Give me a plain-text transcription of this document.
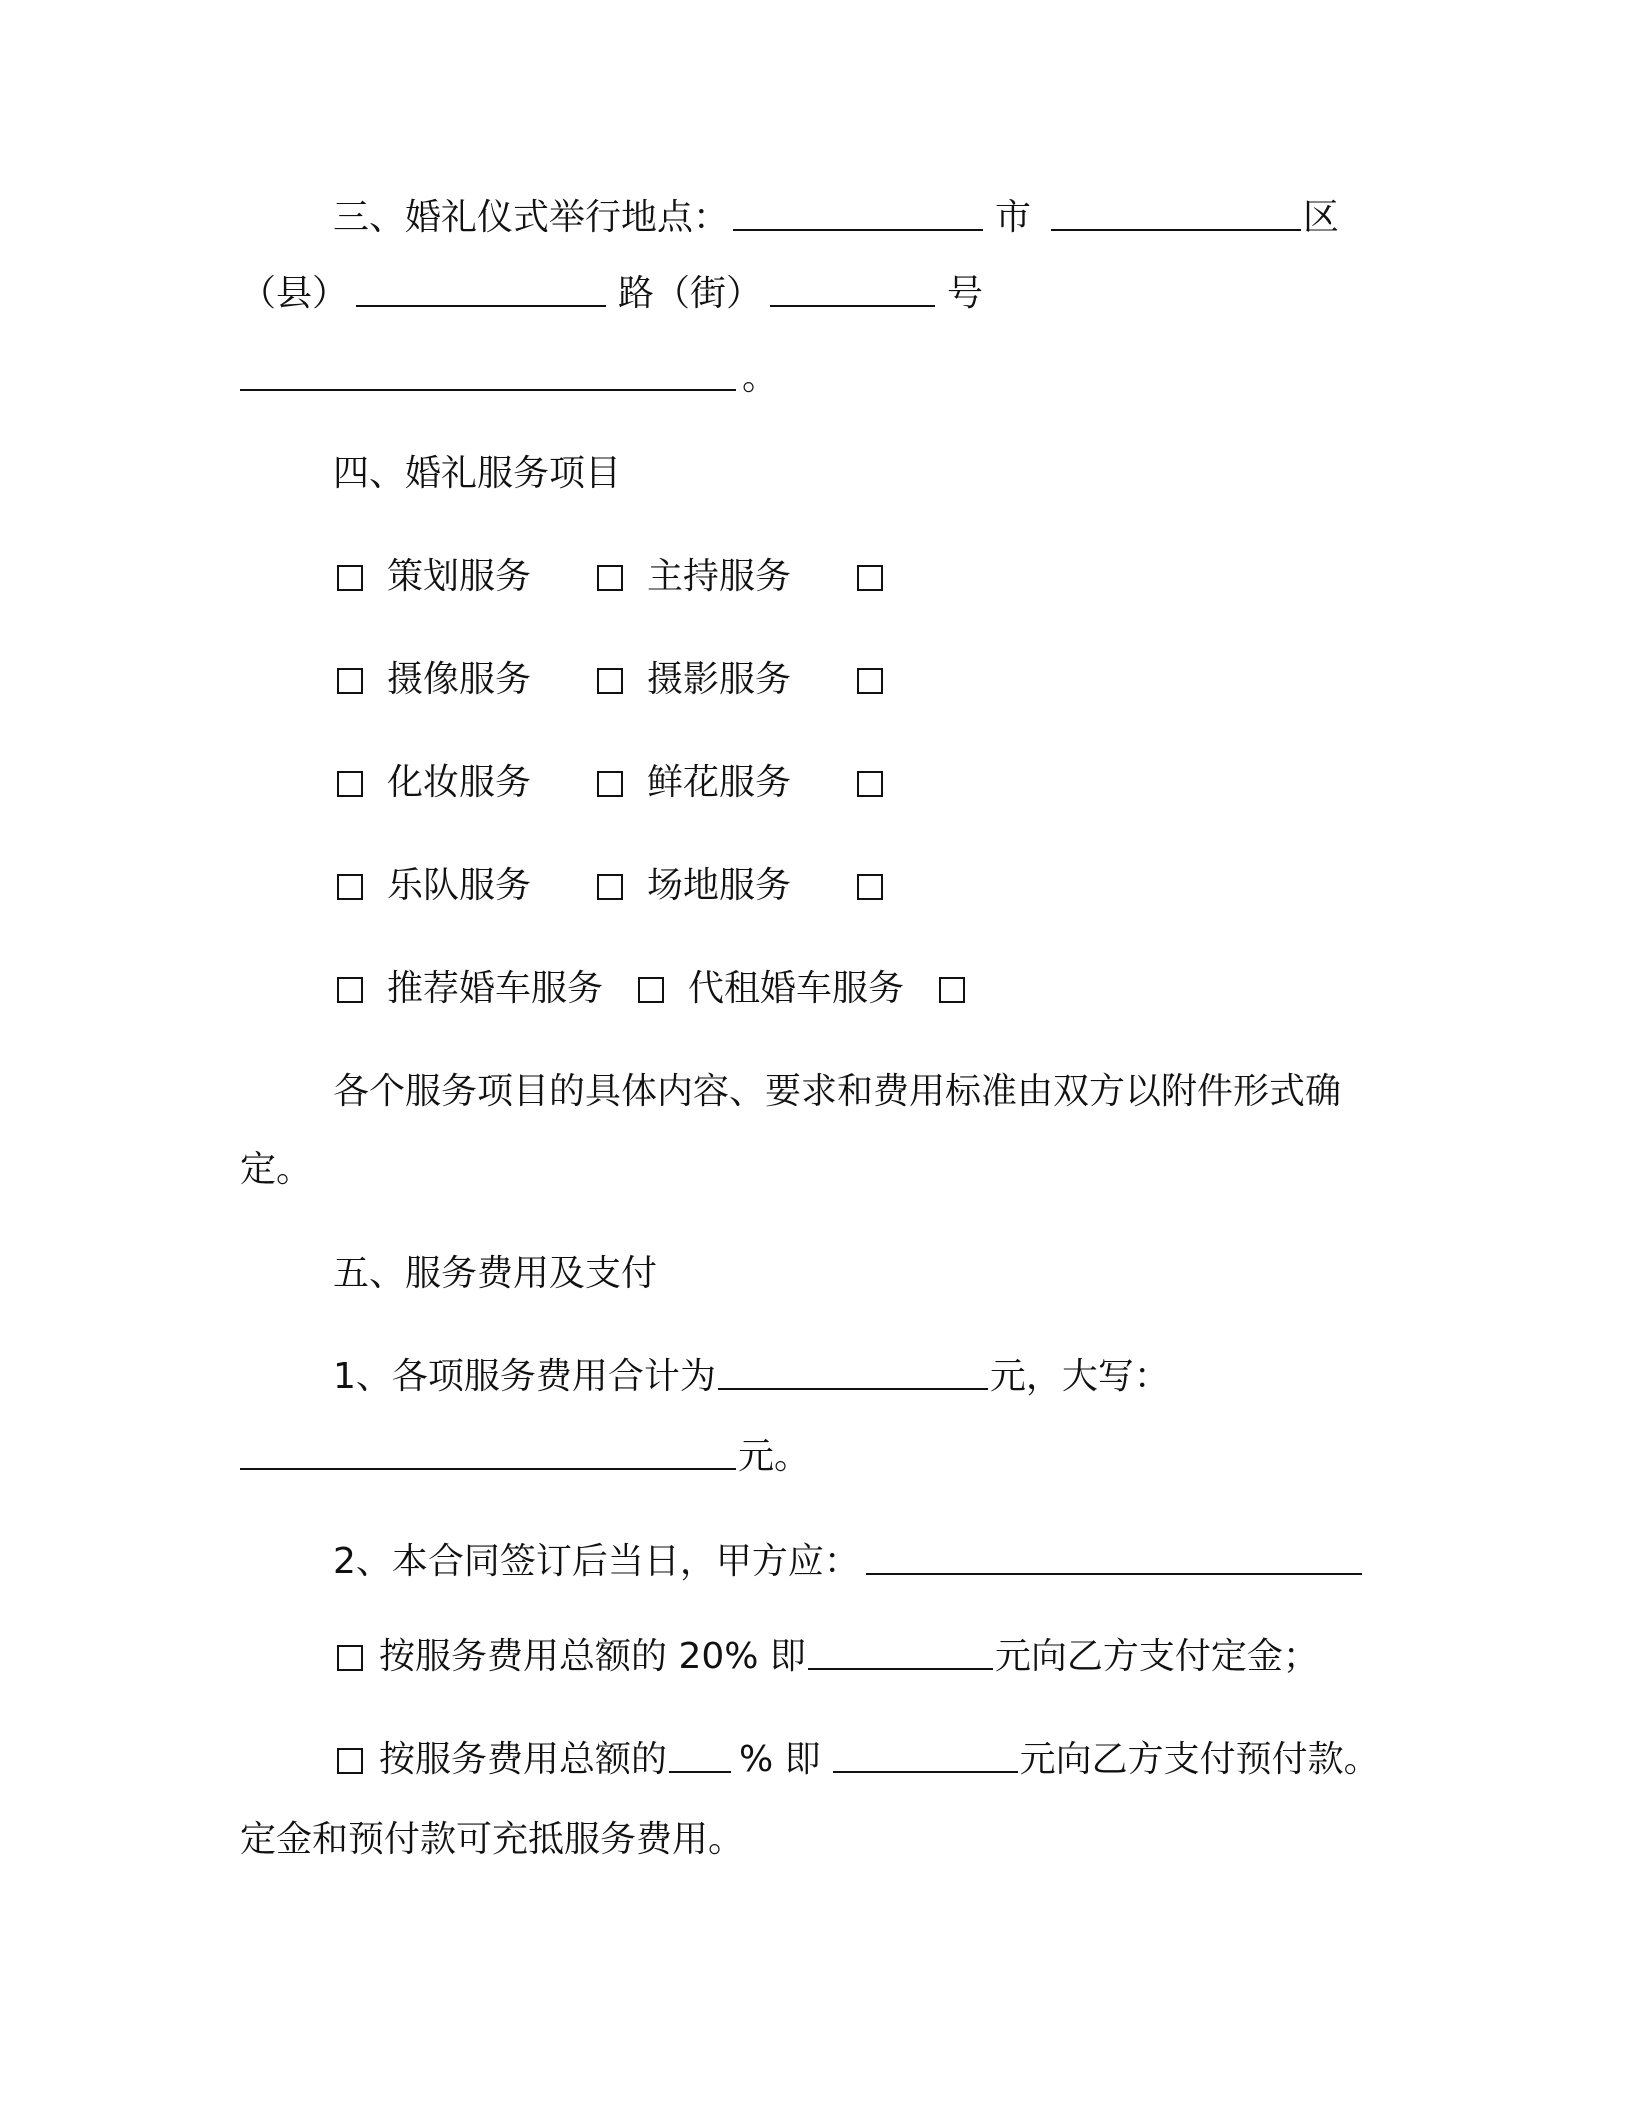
三、婚礼仪式举行地点：	市	区
（县）	路（街）	号
。
四、婚礼服务项目
策划服务	主持服务
摄像服务	摄影服务
化妆服务	鲜花服务
乐队服务	场地服务
推荐婚车服务	代租婚车服务
各个服务项目的具体内容、要求和费用标准由双方以附件形式确
定。
五、服务费用及支付
1、各项服务费用合计为	元，大写：
元。
2、本合同签订后当日，甲方应：
按服务费用总额的 20% 即	元向乙方支付定金；
按服务费用总额的 % 即	元向乙方支付预付款。
定金和预付款可充抵服务费用。
